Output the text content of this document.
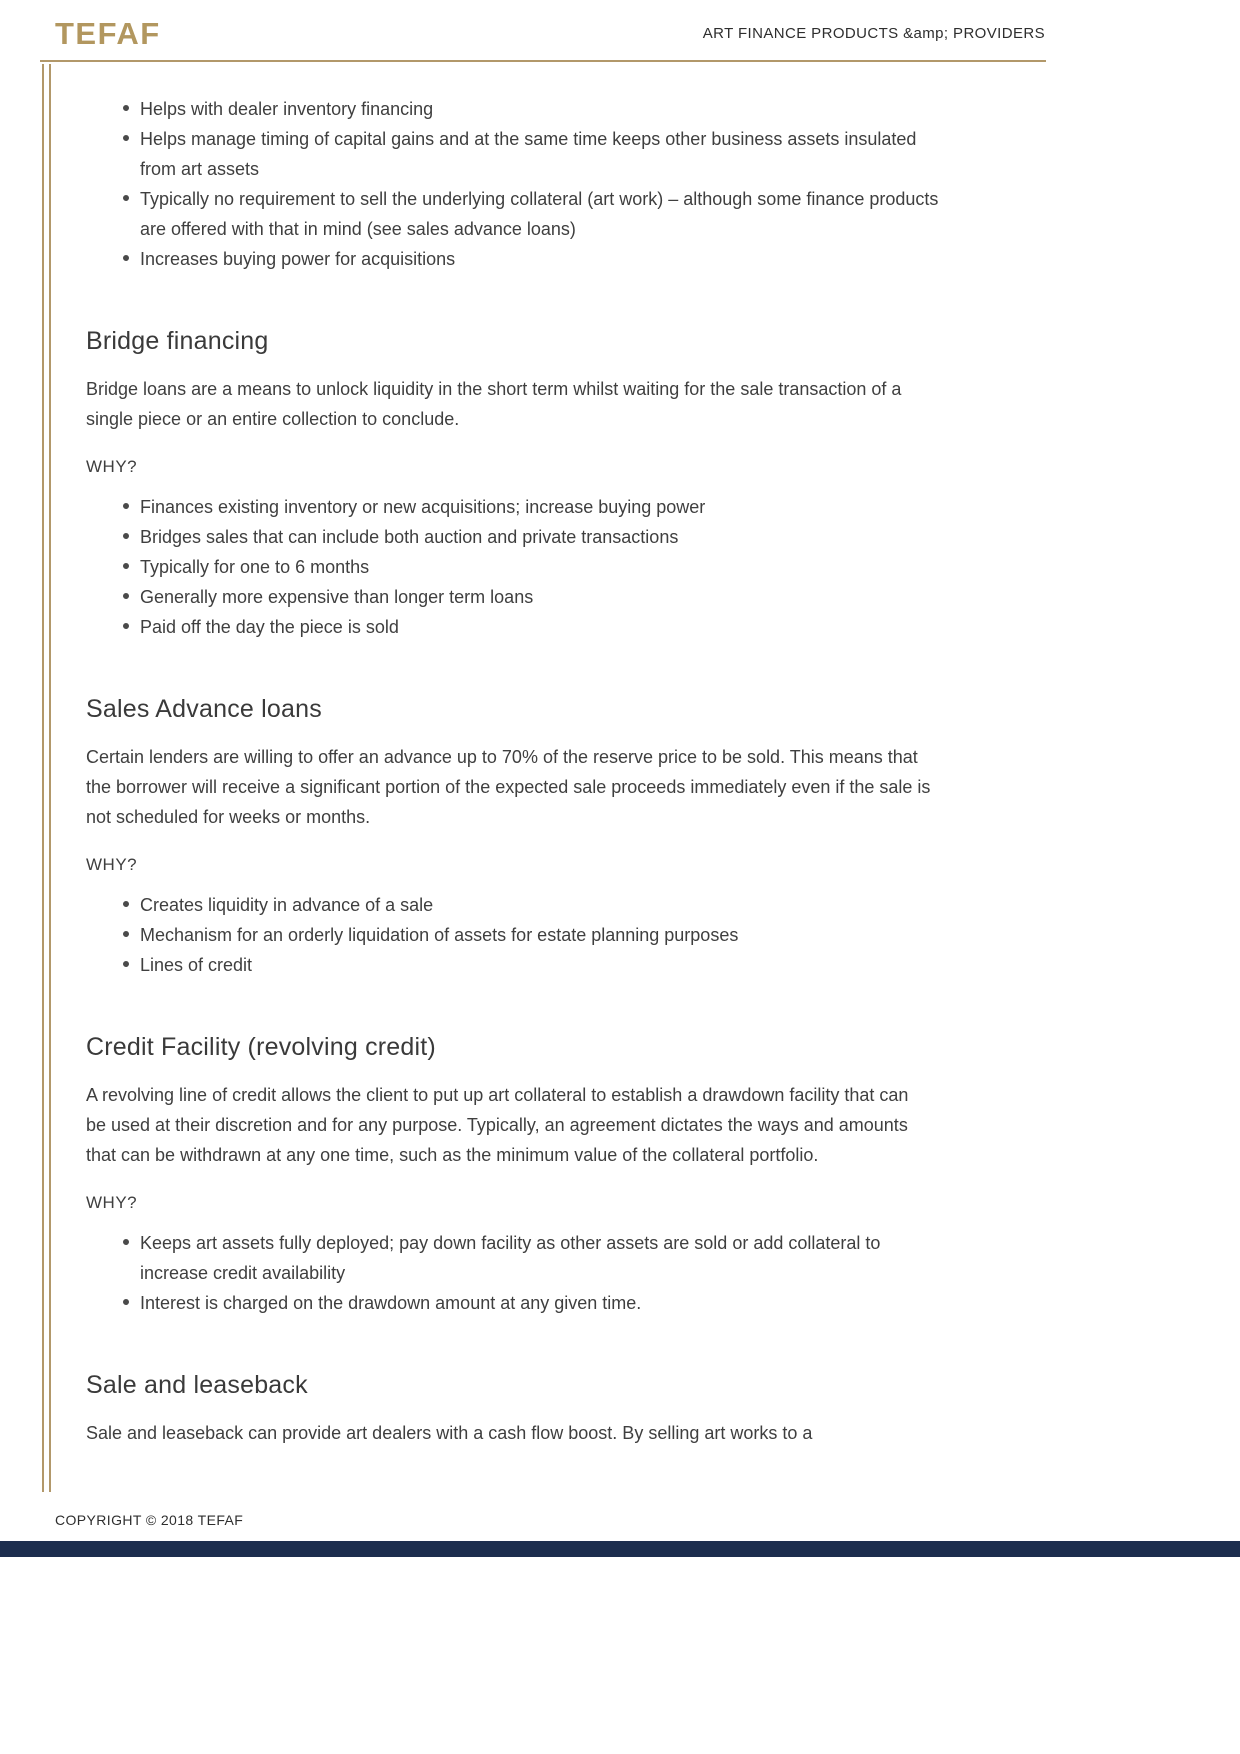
TEFAF	ART FINANCE PRODUCTS &amp; PROVIDERS
Helps with dealer inventory financing
Helps manage timing of capital gains and at the same time keeps other business assets insulated from art assets
Typically no requirement to sell the underlying collateral (art work) – although some finance products are offered with that in mind (see sales advance loans)
Increases buying power for acquisitions
Bridge financing

Bridge loans are a means to unlock liquidity in the short term whilst waiting for the sale transaction of a single piece or an entire collection to conclude.

WHY?
Finances existing inventory or new acquisitions; increase buying power
Bridges sales that can include both auction and private transactions
Typically for one to 6 months
Generally more expensive than longer term loans
Paid off the day the piece is sold
Sales Advance loans

Certain lenders are willing to offer an advance up to 70% of the reserve price to be sold. This means that the borrower will receive a significant portion of the expected sale proceeds immediately even if the sale is not scheduled for weeks or months.

WHY?
Creates liquidity in advance of a sale
Mechanism for an orderly liquidation of assets for estate planning purposes
Lines of credit
Credit Facility (revolving credit)

A revolving line of credit allows the client to put up art collateral to establish a drawdown facility that can be used at their discretion and for any purpose. Typically, an agreement dictates the ways and amounts that can be withdrawn at any one time, such as the minimum value of the collateral portfolio.

WHY?
Keeps art assets fully deployed; pay down facility as other assets are sold or add collateral to increase credit availability
Interest is charged on the drawdown amount at any given time.
Sale and leaseback

Sale and leaseback can provide art dealers with a cash flow boost. By selling art works to a

COPYRIGHT © 2018 TEFAF
